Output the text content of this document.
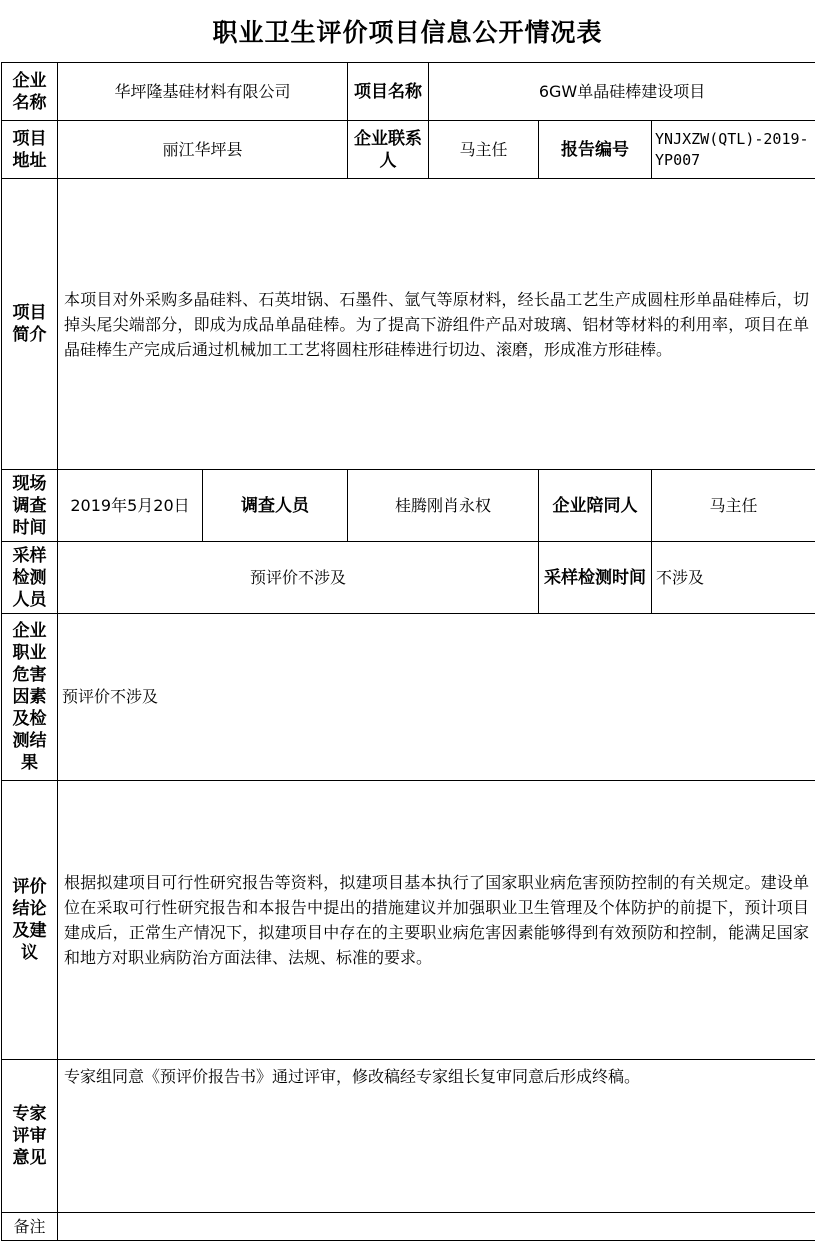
职业卫生评价项目信息公开情况表
企业名称	华坪隆基硅材料有限公司		项目名称	6GW单晶硅棒建设项目		
项目地址	丽江华坪县		企业联系人	马主任	报告编号	YNJXZW(QTL)-2019-YP007
项目简介	本项目对外采购多晶硅料、石英坩锅、石墨件、氩气等原材料，经长晶工艺生产成圆柱形单晶硅棒后，切掉头尾尖端部分，即成为成品单晶硅棒。为了提高下游组件产品对玻璃、铝材等材料的利用率，项目在单晶硅棒生产完成后通过机械加工工艺将圆柱形硅棒进行切边、滚磨，形成准方形硅棒。					
现场调查时间	2019年5月20日	调查人员	桂腾刚肖永权		企业陪同人	马主任
采样检测人员	预评价不涉及				采样检测时间	不涉及
企业职业危害因素及检测结果	预评价不涉及					
评价结论及建议	根据拟建项目可行性研究报告等资料，拟建项目基本执行了国家职业病危害预防控制的有关规定。建设单位在采取可行性研究报告和本报告中提出的措施建议并加强职业卫生管理及个体防护的前提下，预计项目建成后，正常生产情况下，拟建项目中存在的主要职业病危害因素能够得到有效预防和控制，能满足国家和地方对职业病防治方面法律、法规、标准的要求。					
专家评审意见	专家组同意《预评价报告书》通过评审，修改稿经专家组长复审同意后形成终稿。					
备注						
